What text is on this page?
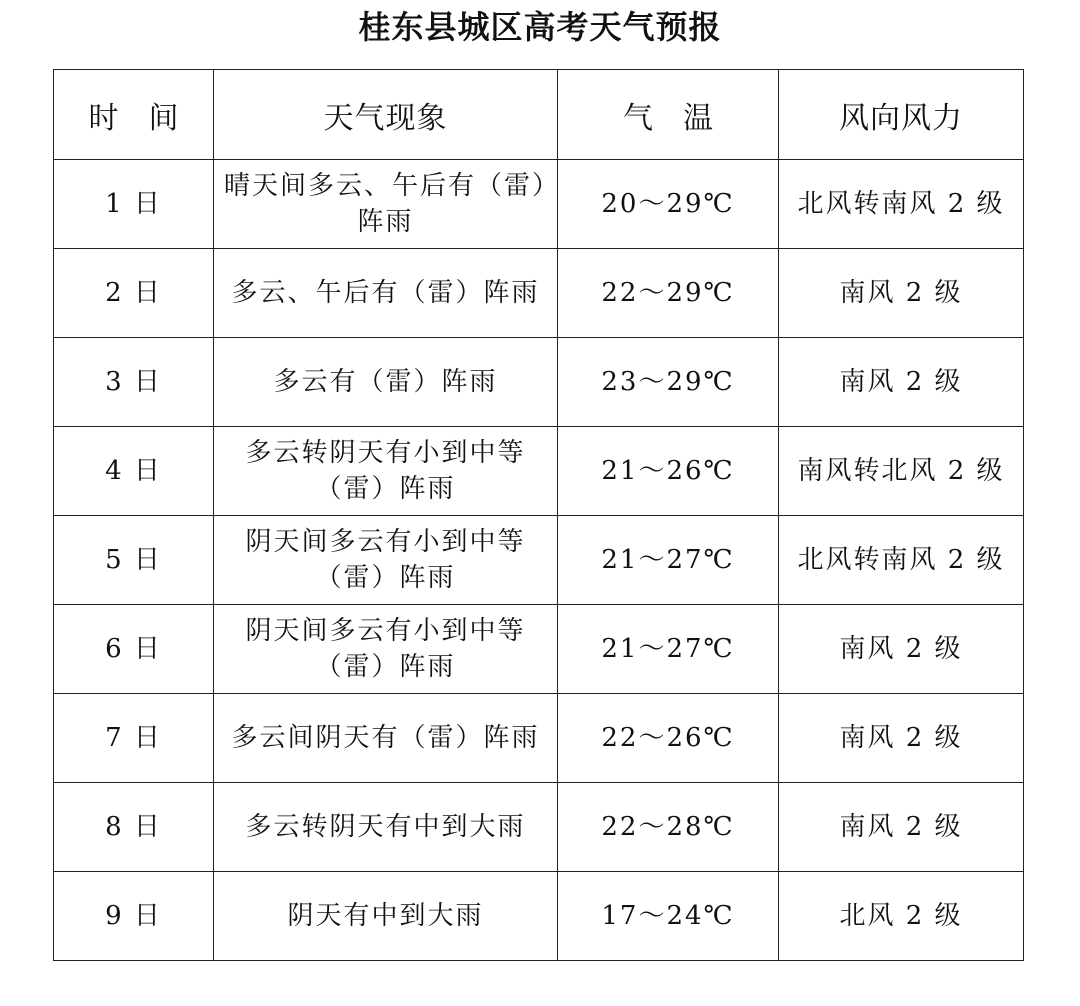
桂东县城区高考天气预报
时　间	天气现象	气　温	风向风力
1 日	晴天间多云、午后有（雷）阵雨	20～29℃	北风转南风 2 级
2 日	多云、午后有（雷）阵雨	22～29℃	南风 2 级
3 日	多云有（雷）阵雨	23～29℃	南风 2 级
4 日	多云转阴天有小到中等（雷）阵雨	21～26℃	南风转北风 2 级
5 日	阴天间多云有小到中等（雷）阵雨	21～27℃	北风转南风 2 级
6 日	阴天间多云有小到中等（雷）阵雨	21～27℃	南风 2 级
7 日	多云间阴天有（雷）阵雨	22～26℃	南风 2 级
8 日	多云转阴天有中到大雨	22～28℃	南风 2 级
9 日	阴天有中到大雨	17～24℃	北风 2 级
